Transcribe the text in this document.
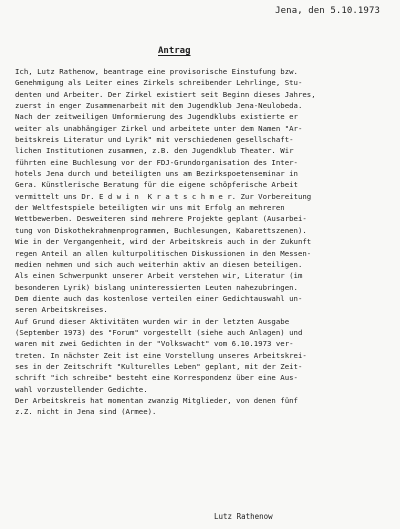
Jena, den 5.10.1973
Antrag
Ich, Lutz Rathenow, beantrage eine provisorische Einstufung bzw.
Genehmigung als Leiter eines Zirkels schreibender Lehrlinge, Stu-
denten und Arbeiter. Der Zirkel existiert seit Beginn dieses Jahres,
zuerst in enger Zusammenarbeit mit dem Jugendklub Jena-Neulobeda.
Nach der zeitweiligen Umformierung des Jugendklubs existierte er
weiter als unabhängiger Zirkel und arbeitete unter dem Namen "Ar-
beitskreis Literatur und Lyrik" mit verschiedenen gesellschaft-
lichen Institutionen zusammen, z.B. den Jugendklub Theater. Wir
führten eine Buchlesung vor der FDJ-Grundorganisation des Inter-
hotels Jena durch und beteiligten uns am Bezirkspoetenseminar in
Gera. Künstlerische Beratung für die eigene schöpferische Arbeit
vermittelt uns Dr. E d w i n  K r a t s c h m e r. Zur Vorbereitung
der Weltfestspiele beteiligten wir uns mit Erfolg an mehreren
Wettbewerben. Desweiteren sind mehrere Projekte geplant (Ausarbei-
tung von Diskothekrahmenprogrammen, Buchlesungen, Kabarettszenen).
Wie in der Vergangenheit, wird der Arbeitskreis auch in der Zukunft
regen Anteil an allen kulturpolitischen Diskussionen in den Messen-
medien nehmen und sich auch weiterhin aktiv an diesen beteiligen.
Als einen Schwerpunkt unserer Arbeit verstehen wir, Literatur (im
besonderen Lyrik) bislang uninteressierten Leuten nahezubringen.
Dem diente auch das kostenlose verteilen einer Gedichtauswahl un-
seren Arbeitskreises.
Auf Grund dieser Aktivitäten wurden wir in der letzten Ausgabe
(September 1973) des "Forum" vorgestellt (siehe auch Anlagen) und
waren mit zwei Gedichten in der "Volkswacht" vom 6.10.1973 ver-
treten. In nächster Zeit ist eine Vorstellung unseres Arbeitskrei-
ses in der Zeitschrift "Kulturelles Leben" geplant, mit der Zeit-
schrift "ich schreibe" besteht eine Korrespondenz über eine Aus-
wahl vorzustellender Gedichte.
Der Arbeitskreis hat momentan zwanzig Mitglieder, von denen fünf
z.Z. nicht in Jena sind (Armee).
Lutz Rathenow
